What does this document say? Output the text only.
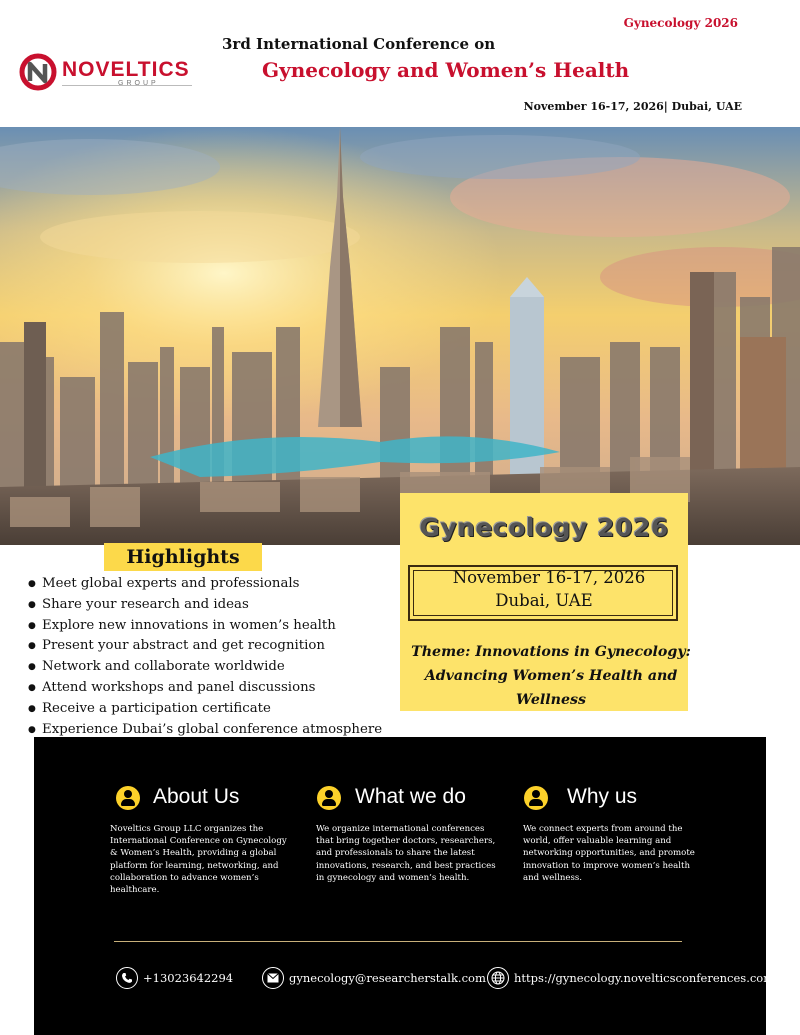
Gynecology 2026
NOVELTICS
GROUP
3rd International Conference on
Gynecology and Women’s Health
November 16-17, 2026| Dubai, UAE
Highlights
● Meet global experts and professionals
● Share your research and ideas
● Explore new innovations in women’s health
● Present your abstract and get recognition
● Network and collaborate worldwide
● Attend workshops and panel discussions
● Receive a participation certificate
● Experience Dubai’s global conference atmosphere
Gynecology 2026
November 16-17, 2026
Dubai, UAE
Theme: Innovations in Gynecology: Advancing Women’s Health and Wellness
About Us
Noveltics Group LLC organizes the International Conference on Gynecology & Women’s Health, providing a global platform for learning, networking, and collaboration to advance women’s healthcare.
What we do
We organize international conferences that bring together doctors, researchers, and professionals to share the latest innovations, research, and best practices in gynecology and women’s health.
Why us
We connect experts from around the world, offer valuable learning and networking opportunities, and promote innovation to improve women’s health and wellness.
+13023642294	gynecology@researcherstalk.com https://gynecology.novelticsconferences.com
